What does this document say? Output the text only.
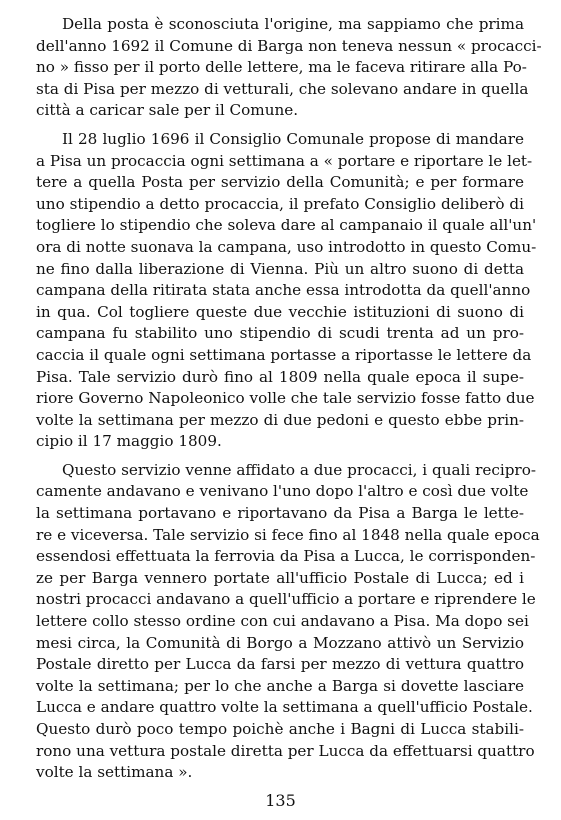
Della posta è sconosciuta l'origine, ma sappiamo che prima
dell'anno 1692 il Comune di Barga non teneva nessun « procacci-
no » fisso per il porto delle lettere, ma le faceva ritirare alla Po-
sta di Pisa per mezzo di vetturali, che solevano andare in quella
città a caricar sale per il Comune.
Il 28 luglio 1696 il Consiglio Comunale propose di mandare
a Pisa un procaccia ogni settimana a « portare e riportare le let-
tere a quella Posta per servizio della Comunità; e per formare
uno stipendio a detto procaccia, il prefato Consiglio deliberò di
togliere lo stipendio che soleva dare al campanaio il quale all'un'
ora di notte suonava la campana, uso introdotto in questo Comu-
ne fino dalla liberazione di Vienna. Più un altro suono di detta
campana della ritirata stata anche essa introdotta da quell'anno
in qua. Col togliere queste due vecchie istituzioni di suono di
campana fu stabilito uno stipendio di scudi trenta ad un pro-
caccia il quale ogni settimana portasse a riportasse le lettere da
Pisa. Tale servizio durò fino al 1809 nella quale epoca il supe-
riore Governo Napoleonico volle che tale servizio fosse fatto due
volte la settimana per mezzo di due pedoni e questo ebbe prin-
cipio il 17 maggio 1809.
Questo servizio venne affidato a due procacci, i quali recipro-
camente andavano e venivano l'uno dopo l'altro e così due volte
la settimana portavano e riportavano da Pisa a Barga le lette-
re e viceversa. Tale servizio si fece fino al 1848 nella quale epoca
essendosi effettuata la ferrovia da Pisa a Lucca, le corrisponden-
ze per Barga vennero portate all'ufficio Postale di Lucca; ed i
nostri procacci andavano a quell'ufficio a portare e riprendere le
lettere collo stesso ordine con cui andavano a Pisa. Ma dopo sei
mesi circa, la Comunità di Borgo a Mozzano attivò un Servizio
Postale diretto per Lucca da farsi per mezzo di vettura quattro
volte la settimana; per lo che anche a Barga si dovette lasciare
Lucca e andare quattro volte la settimana a quell'ufficio Postale.
Questo durò poco tempo poichè anche i Bagni di Lucca stabili-
rono una vettura postale diretta per Lucca da effettuarsi quattro
volte la settimana ».
135
